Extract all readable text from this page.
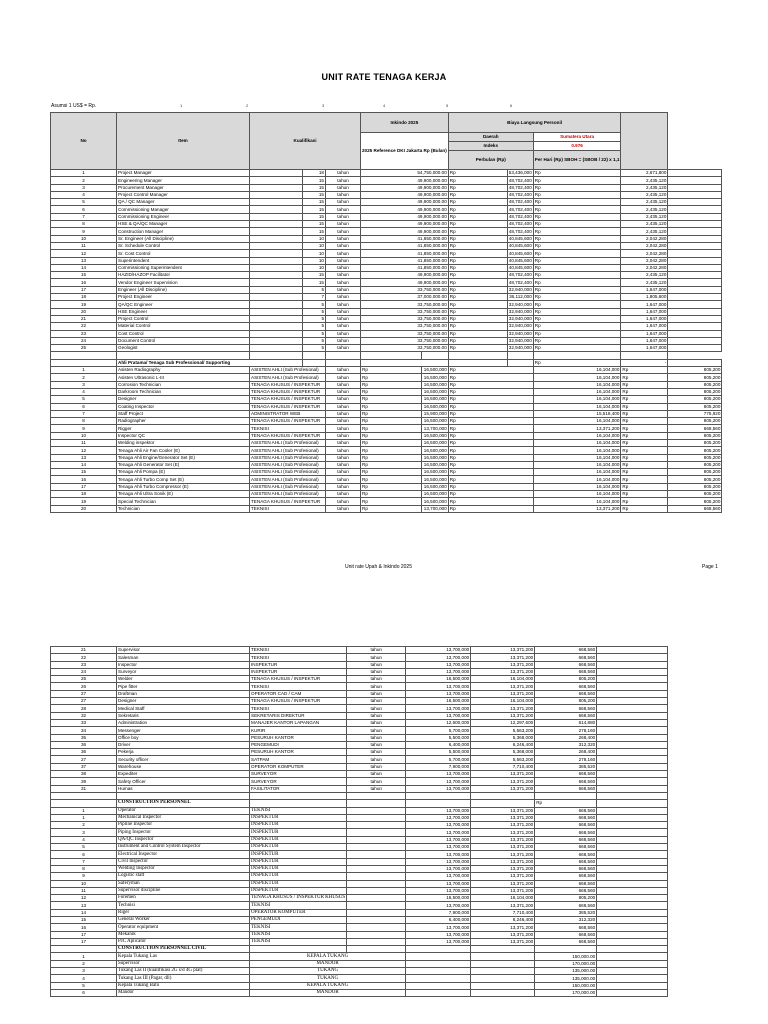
UNIT RATE TENAGA KERJA
Asumsi 1 US$ = Rp.
No	Item	Kualifikasi			Inkindo 2025		Biaya Langsung Personil				
					2025 Reference DKI Jakarta Rp (Bulan)		Daerah		Sumatera Utara		
							Indeks		0.976		
							Perbulan (Rp)		Per Hari (Rp) SBOH = (SBOB / 22) x 1,1		
1	Project Manager		18	tahun	54,750,000.00		Rp	53,436,000	Rp	2,671,800	
2	Engineering Manager		15	tahun	49,900,000.00		Rp	48,702,400	Rp	2,435,120	
3	Procurement Manager		15	tahun	49,900,000.00		Rp	48,702,400	Rp	2,435,120	
4	Project Control Manager		15	tahun	49,900,000.00		Rp	48,702,400	Rp	2,435,120	
5	QA / QC Manager		15	tahun	49,900,000.00		Rp	48,702,400	Rp	2,435,120	
6	Commissioning Manager		15	tahun	49,900,000.00		Rp	48,702,400	Rp	2,435,120	
7	Commissioning Engineer		15	tahun	49,900,000.00		Rp	48,702,400	Rp	2,435,120	
8	HSE & QA/QC Manager		15	tahun	49,900,000.00		Rp	48,702,400	Rp	2,435,120	
9	Construction Manager		15	tahun	49,900,000.00		Rp	48,702,400	Rp	2,435,120	
10	Sr. Engineer (All Discipline)		10	tahun	41,850,000.00		Rp	40,845,600	Rp	2,042,280	
11	Sr. Schedule Control		10	tahun	41,850,000.00		Rp	40,845,600	Rp	2,042,280	
12	Sr. Cost Control		10	tahun	41,850,000.00		Rp	40,845,600	Rp	2,042,280	
13	Superintendent		10	tahun	41,850,000.00		Rp	40,845,600	Rp	2,042,280	
14	Commissioning Superintendent		10	tahun	41,850,000.00		Rp	40,845,600	Rp	2,042,280	
15	HAZID/HAZOP Facilitator		15	tahun	49,900,000.00		Rp	48,702,400	Rp	2,435,120	
16	Vendor Engineer Supervision		15	tahun	49,900,000.00		Rp	48,702,400	Rp	2,435,120	
17	Engineer (All Discipline)		5	tahun	33,750,000.00		Rp	32,940,000	Rp	1,647,000	
18	Project Engineer		7	tahun	37,000,000.00		Rp	36,112,000	Rp	1,805,600	
19	QA/QC Engineer		5	tahun	33,750,000.00		Rp	32,940,000	Rp	1,647,000	
20	HSE Engineer		5	tahun	33,750,000.00		Rp	32,940,000	Rp	1,647,000	
21	Project Control		5	tahun	33,750,000.00		Rp	32,940,000	Rp	1,647,000	
22	Material Control		5	tahun	33,750,000.00		Rp	32,940,000	Rp	1,647,000	
23	Cost Control		5	tahun	33,750,000.00		Rp	32,940,000	Rp	1,647,000	
24	Document Control		5	tahun	33,750,000.00		Rp	32,940,000	Rp	1,647,000	
25	Geologist		5	tahun	33,750,000.00		Rp	32,940,000	Rp	1,647,000	

	Ahli Pratama/ Tenaga Sub Professional/ Supporting								Rp	-	
1	Asisten Radiography	ASISTEN AHLI (Sub Profesional)		tahun	Rp	16,500,000	Rp		16,104,000	Rp	805,200
2	Asisten Ultrasonic L-III	ASISTEN AHLI (Sub Profesional)		tahun	Rp	16,500,000	Rp		16,104,000	Rp	805,200
3	Corrosion Technician	TENAGA KHUSUS / INSPEKTUR		tahun	Rp	16,500,000	Rp		16,104,000	Rp	805,200
4	Darkroom Technician	TENAGA KHUSUS / INSPEKTUR		tahun	Rp	16,500,000	Rp		16,104,000	Rp	805,200
5	Designer	TENAGA KHUSUS / INSPEKTUR		tahun	Rp	16,500,000	Rp		16,104,000	Rp	805,200
6	Coating Inspector	TENAGA KHUSUS / INSPEKTUR		tahun	Rp	16,500,000	Rp		16,104,000	Rp	805,200
7	Staff Project	ADMINISTRATOR WEB		tahun	Rp	15,900,000	Rp		15,518,400	Rp	775,920
8	Radiographer	TENAGA KHUSUS / INSPEKTUR		tahun	Rp	16,500,000	Rp		16,104,000	Rp	805,200
9	Rigger	TEKNISI		tahun	Rp	13,700,000	Rp		13,371,200	Rp	668,560
10	Inspector QC	TENAGA KHUSUS / INSPEKTUR		tahun	Rp	16,500,000	Rp		16,104,000	Rp	805,200
11	Welding inspektor	ASISTEN AHLI (Sub Profesional)		tahun	Rp	16,500,000	Rp		16,104,000	Rp	805,200
12	Tenaga Ahli Air Fan Cooler (E)	ASISTEN AHLI (Sub Profesional)		tahun	Rp	16,500,000	Rp		16,104,000	Rp	805,200
13	Tenaga Ahli Engine/Generator Set (E)	ASISTEN AHLI (Sub Profesional)		tahun	Rp	16,500,000	Rp		16,104,000	Rp	805,200
14	Tenaga Ahli Generator Set (E)	ASISTEN AHLI (Sub Profesional)		tahun	Rp	16,500,000	Rp		16,104,000	Rp	805,200
15	Tenaga Ahli Pompa (E)	ASISTEN AHLI (Sub Profesional)		tahun	Rp	16,500,000	Rp		16,104,000	Rp	805,200
16	Tenaga Ahli Turbo Comp Set (E)	ASISTEN AHLI (Sub Profesional)		tahun	Rp	16,500,000	Rp		16,104,000	Rp	805,200
17	Tenaga Ahli Turbo Compressor (E)	ASISTEN AHLI (Sub Profesional)		tahun	Rp	16,500,000	Rp		16,104,000	Rp	805,200
18	Tenaga Ahli Ultra Sonik (E)	ASISTEN AHLI (Sub Profesional)		tahun	Rp	16,500,000	Rp		16,104,000	Rp	805,200
19	Special Technician	TENAGA KHUSUS / INSPEKTUR		tahun	Rp	16,500,000	Rp		16,104,000	Rp	805,200
20	Technician	TEKNISI		tahun	Rp	13,700,000	Rp		13,371,200	Rp	668,560
Unit rate Upah & Inkindo 2025	Page 1
21	Supervisor	TEKNISI	tahun	13,700,000	13,371,200	668,560	
22	Salesman	TEKNISI	tahun	13,700,000	13,371,200	668,560	
23	Inspector	INSPEKTUR	tahun	13,700,000	13,371,200	668,560	
24	Surveyor	INSPEKTUR	tahun	13,700,000	13,371,200	668,560	
25	Welder	TENAGA KHUSUS / INSPEKTUR	tahun	16,500,000	16,104,000	805,200	
26	Pipe fitter	TEKNISI	tahun	13,700,000	13,371,200	668,560	
27	Draftman	OPERATOR CAD / CAM	tahun	13,700,000	13,371,200	668,560	
27	Designer	TENAGA KHUSUS / INSPEKTUR	tahun	16,500,000	16,104,000	805,200	
28	Medical Staff	TEKNISI	tahun	13,700,000	13,371,200	668,560	
32	Sekretaris	SEKRETARIS DIREKTUR	tahun	13,700,000	13,371,200	668,560	
33	Administration	MANAJER KANTOR LAPANGAN	tahun	12,600,000	12,297,600	614,880	
34	Messenger	KURIR	tahun	5,700,000	5,563,200	278,160	
35	Office boy	PESURUH KANTOR	tahun	5,500,000	5,368,000	268,400	
36	Driver	PENGEMUDI	tahun	6,400,000	6,246,400	312,320	
36	Pekerja	PESURUH KANTOR	tahun	5,500,000	5,368,000	268,400	
27	Security officer	SATPAM	tahun	5,700,000	5,563,200	278,160	
37	Warehouse	OPERATOR KOMPUTER	tahun	7,900,000	7,710,400	385,520	
38	Expediter	SURVEYOR	tahun	13,700,000	13,371,200	668,560	
39	Safety Officer	SURVEYOR	tahun	13,700,000	13,371,200	668,560	
31	Humas	FASILITATOR	tahun	13,700,000	13,371,200	668,560	

	CONSTRUCTION PERSONNEL					Rp	
1	Operator	TEKNISI		13,700,000	13,371,200	668,560	
1	Mechanical Inspector	INSPEKTUR		13,700,000	13,371,200	668,560	
2	Pipline Inspector	INSPEKTUR		13,700,000	13,371,200	668,560	
3	Piping Inspector	INSPEKTUR		13,700,000	13,371,200	668,560	
4	QA/QC Inspector	INSPEKTUR		13,700,000	13,371,200	668,560	
5	Instrument and Control System Inspector	INSPEKTUR		13,700,000	13,371,200	668,560	
6	Electrical Inspector	INSPEKTUR		13,700,000	13,371,200	668,560	
7	Civil Inspector	INSPEKTUR		13,700,000	13,371,200	668,560	
8	Welding Inspector	INSPEKTUR		13,700,000	13,371,200	668,560	
9	Logistic staff	INSPEKTUR		13,700,000	13,371,200	668,560	
10	Saferyman	INSPEKTUR		13,700,000	13,371,200	668,560	
11	Supervisor discipline	INSPEKTUR		13,700,000	13,371,200	668,560	
12	Foremen	TENAGA KHUSUS / INSPEKTUR KHUSUS		16,500,000	16,104,000	805,200	
13	Technisi	TEKNISI		13,700,000	13,371,200	668,560	
14	Riger	OPERATOR KOMPUTER		7,900,000	7,710,400	385,520	
15	General Worker	PENGEMUDI		6,400,000	6,246,400	312,320	
16	Operator equipment	TEKNISI		13,700,000	13,371,200	668,560	
17	Mekanik	TEKNISI		13,700,000	13,371,200	668,560	
17	PJC Aplicator	TEKNISI		13,700,000	13,371,200	668,560	
	CONSTRUCTION PERSONNEL CIVIL						
1	Kepala Tukang Las	KEPALA TUKANG				150,000.00	
2	Supervisor	MANDOR				170,000.00	
3	Tukang Las II (kualifikasi 2G s/d 4G plat)	TUKANG				135,000.00	
4	Tukang Las III (Pagar, dll)	TUKANG				135,000.00	
5	Kepala Tukang Batu	KEPALA TUKANG				150,000.00	
6	Mandor	MANDOR				170,000.00	
1	2	3	4	5	6
